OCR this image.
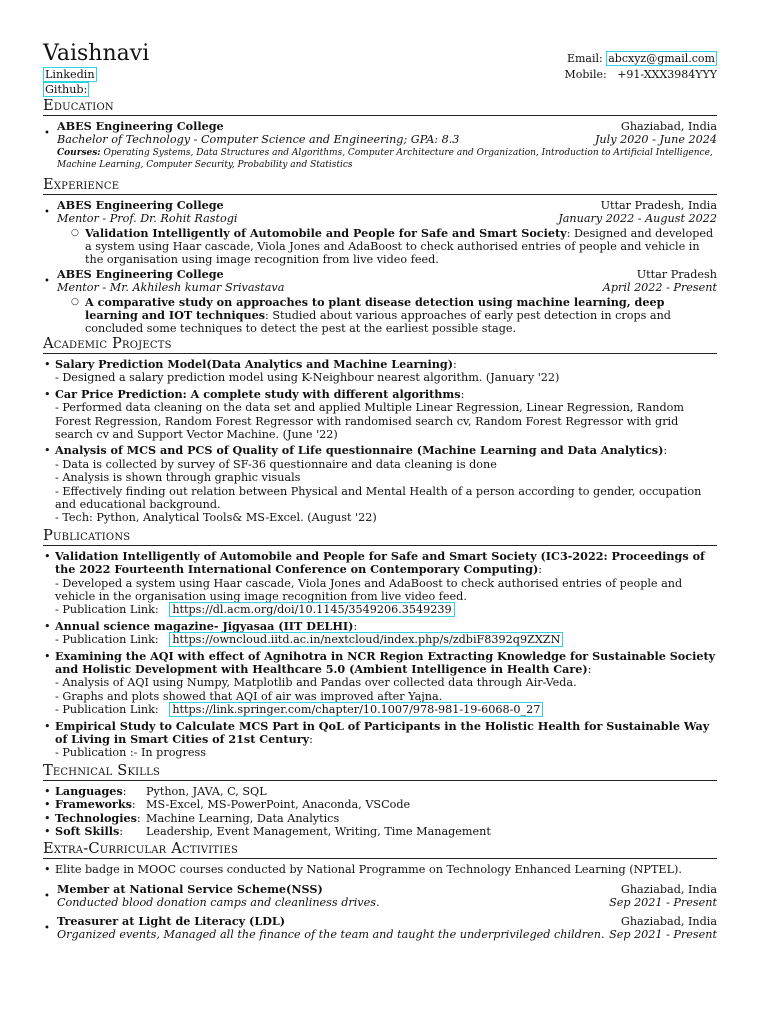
Vaishnavi
Linkedin
Github:
Email: abcxyz@gmail.com
Mobile: +91-XXX3984YYY
Education
•
ABES Engineering College	Ghaziabad, India
Bachelor of Technology - Computer Science and Engineering; GPA: 8.3	July 2020 - June 2024
Courses: Operating Systems, Data Structures and Algorithms, Computer Architecture and Organization, Introduction to Artificial Intelligence, Machine Learning, Computer Security, Probability and Statistics
Experience
•
ABES Engineering College	Uttar Pradesh, India
Mentor - Prof. Dr. Rohit Rastogi	January 2022 - August 2022
○ Validation Intelligently of Automobile and People for Safe and Smart Society: Designed and developed a system using Haar cascade, Viola Jones and AdaBoost to check authorised entries of people and vehicle in the organisation using image recognition from live video feed.
•
ABES Engineering College	Uttar Pradesh
Mentor - Mr. Akhilesh kumar Srivastava	April 2022 - Present
○ A comparative study on approaches to plant disease detection using machine learning, deep learning and IOT techniques: Studied about various approaches of early pest detection in crops and concluded some techniques to detect the pest at the earliest possible stage.
Academic Projects
• Salary Prediction Model(Data Analytics and Machine Learning):
- Designed a salary prediction model using K-Neighbour nearest algorithm. (January '22)
• Car Price Prediction: A complete study with different algorithms:
- Performed data cleaning on the data set and applied Multiple Linear Regression, Linear Regression, Random Forest Regression, Random Forest Regressor with randomised search cv, Random Forest Regressor with grid search cv and Support Vector Machine. (June '22)
• Analysis of MCS and PCS of Quality of Life questionnaire (Machine Learning and Data Analytics):
- Data is collected by survey of SF-36 questionnaire and data cleaning is done
- Analysis is shown through graphic visuals
- Effectively finding out relation between Physical and Mental Health of a person according to gender, occupation and educational background.
- Tech: Python, Analytical Tools& MS-Excel. (August '22)
Publications
• Validation Intelligently of Automobile and People for Safe and Smart Society (IC3-2022: Proceedings of the 2022 Fourteenth International Conference on Contemporary Computing):
- Developed a system using Haar cascade, Viola Jones and AdaBoost to check authorised entries of people and vehicle in the organisation using image recognition from live video feed.
- Publication Link: https://dl.acm.org/doi/10.1145/3549206.3549239
• Annual science magazine- Jigyasaa (IIT DELHI):
- Publication Link: https://owncloud.iitd.ac.in/nextcloud/index.php/s/zdbiF8392q9ZXZN
• Examining the AQI with effect of Agnihotra in NCR Region Extracting Knowledge for Sustainable Society and Holistic Development with Healthcare 5.0 (Ambient Intelligence in Health Care):
- Analysis of AQI using Numpy, Matplotlib and Pandas over collected data through Air-Veda.
- Graphs and plots showed that AQI of air was improved after Yajna.
- Publication Link: https://link.springer.com/chapter/10.1007/978-981-19-6068-0_27
• Empirical Study to Calculate MCS Part in QoL of Participants in the Holistic Health for Sustainable Way of Living in Smart Cities of 21st Century:
- Publication :- In progress
Technical Skills
• Languages:	Python, JAVA, C, SQL
• Frameworks: MS-Excel, MS-PowerPoint, Anaconda, VSCode
• Technologies: Machine Learning, Data Analytics
• Soft Skills:	Leadership, Event Management, Writing, Time Management
Extra-Curricular Activities
• Elite badge in MOOC courses conducted by National Programme on Technology Enhanced Learning (NPTEL).
•
Member at National Service Scheme(NSS)	Ghaziabad, India
Conducted blood donation camps and cleanliness drives.	Sep 2021 - Present
•
Treasurer at Light de Literacy (LDL)	Ghaziabad, India
Organized events, Managed all the finance of the team and taught the underprivileged children. Sep 2021 - Present
